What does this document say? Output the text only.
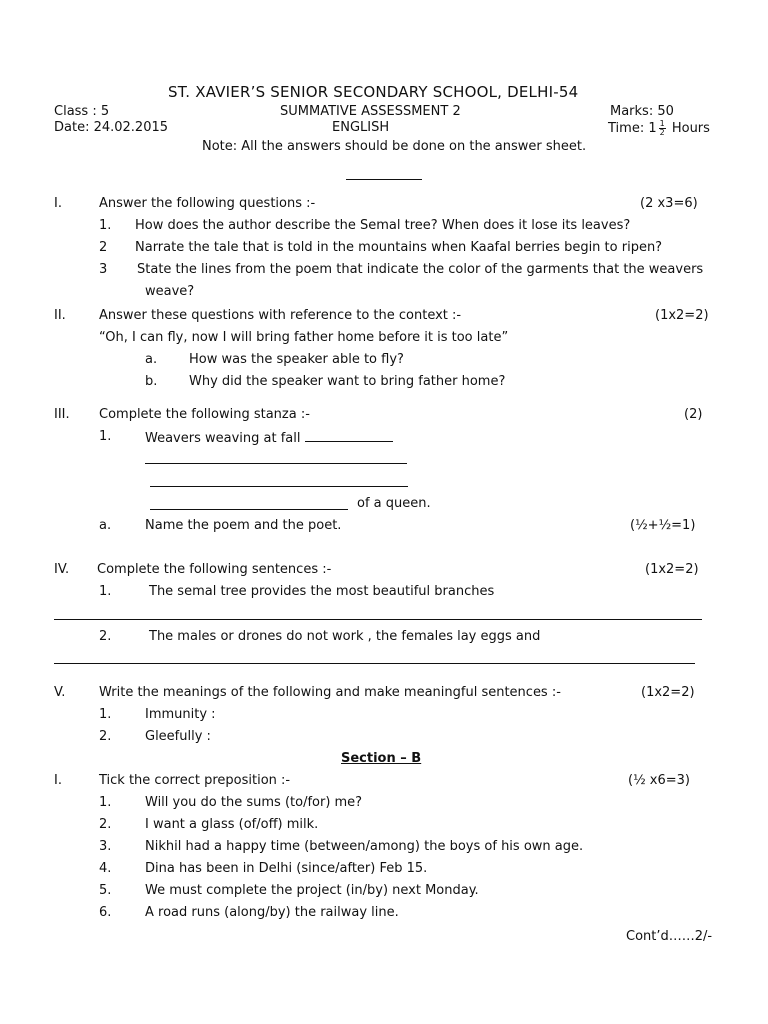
ST. XAVIER’S SENIOR SECONDARY SCHOOL, DELHI-54
Class : 5	SUMMATIVE ASSESSMENT 2	Marks: 50
Date: 24.02.2015	ENGLISH	Time: $1 \frac{1}{2}$ Hours
Note: All the answers should be done on the answer sheet.
I.	Answer the following questions :-	(2 x3=6)
1. How does the author describe the Semal tree? When does it lose its leaves?
2 Narrate the tale that is told in the mountains when Kaafal berries begin to ripen?
3 State the lines from the poem that indicate the color of the garments that the weavers
weave?
II.	Answer these questions with reference to the context :-	(1x2=2)
“Oh, I can fly, now I will bring father home before it is too late”
a. How was the speaker able to fly?
b. Why did the speaker want to bring father home?
III. Complete the following stanza :-	(2)
1.	Weavers weaving at fall
of a queen.
a.	Name the poem and the poet.	(½+½=1)
IV. Complete the following sentences :-	(1x2=2)
1.	The semal tree provides the most beautiful branches
2.	The males or drones do not work , the females lay eggs and
V.	Write the meanings of the following and make meaningful sentences :-	(1x2=2)
1.	Immunity :
2.	Gleefully :
Section – B
I.	Tick the correct preposition :-	(½ x6=3)
1.	Will you do the sums (to/for) me?
2.	I want a glass (of/off) milk.
3.	Nikhil had a happy time (between/among) the boys of his own age.
4.	Dina has been in Delhi (since/after) Feb 15.
5.	We must complete the project (in/by) next Monday.
6.	A road runs (along/by) the railway line.
Cont’d……2/-
